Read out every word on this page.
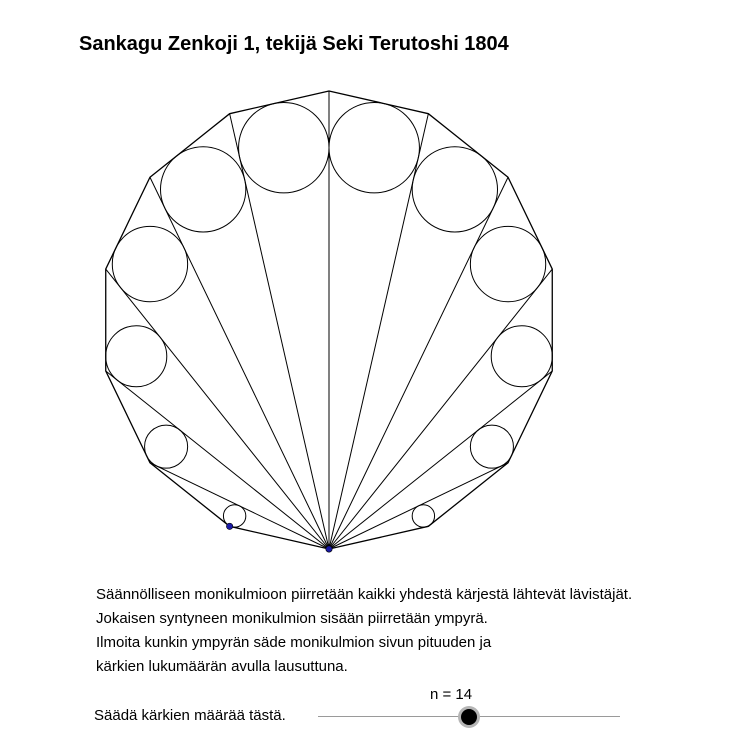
Sankagu Zenkoji 1, tekijä Seki Terutoshi 1804
Säännölliseen monikulmioon piirretään kaikki yhdestä kärjestä lähtevät lävistäjät.
Jokaisen syntyneen monikulmion sisään piirretään ympyrä.
Ilmoita kunkin ympyrän säde monikulmion sivun pituuden ja
kärkien lukumäärän avulla lausuttuna.
n = 14
Säädä kärkien määrää tästä.
